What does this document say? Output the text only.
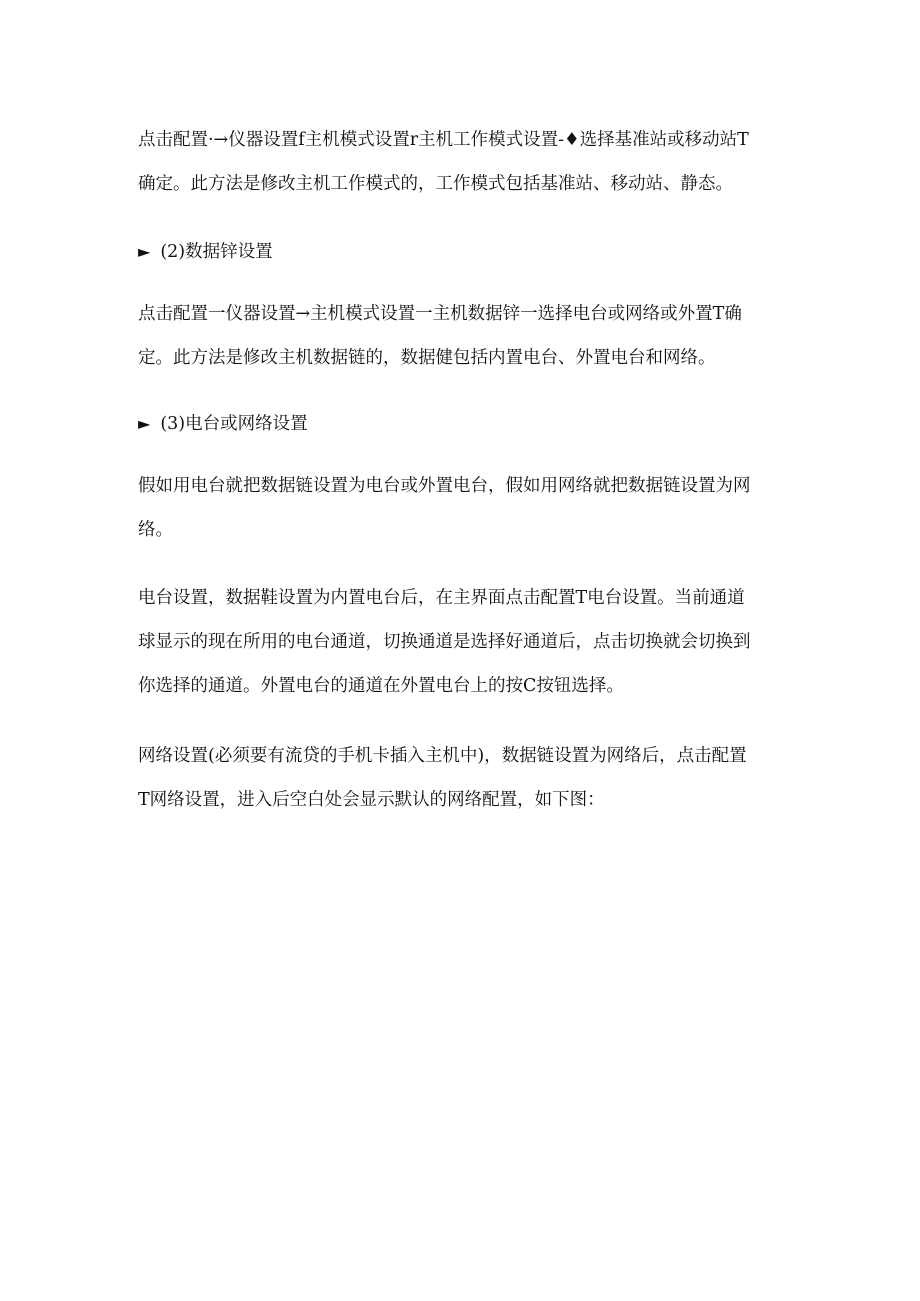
点击配置·→仪器设置f主机模式设置r主机工作模式设置-♦选择基准站或移动站T
确定。此方法是修改主机工作模式的，工作模式包括基准站、移动站、静态。

► (2)数据锌设置

点击配置一仪器设置→主机模式设置一主机数据锌一选择电台或网络或外置T确
定。此方法是修改主机数据链的，数据健包括内置电台、外置电台和网络。

► (3)电台或网络设置

假如用电台就把数据链设置为电台或外置电台，假如用网络就把数据链设置为网
络。

电台设置，数据鞋设置为内置电台后，在主界面点击配置T电台设置。当前通道
球显示的现在所用的电台通道，切换通道是选择好通道后，点击切换就会切换到
你选择的通道。外置电台的通道在外置电台上的按C按钮选择。

网络设置(必须要有流贷的手机卡插入主机中)，数据链设置为网络后，点击配置
T网络设置，进入后空白处会显示默认的网络配置，如下图：
